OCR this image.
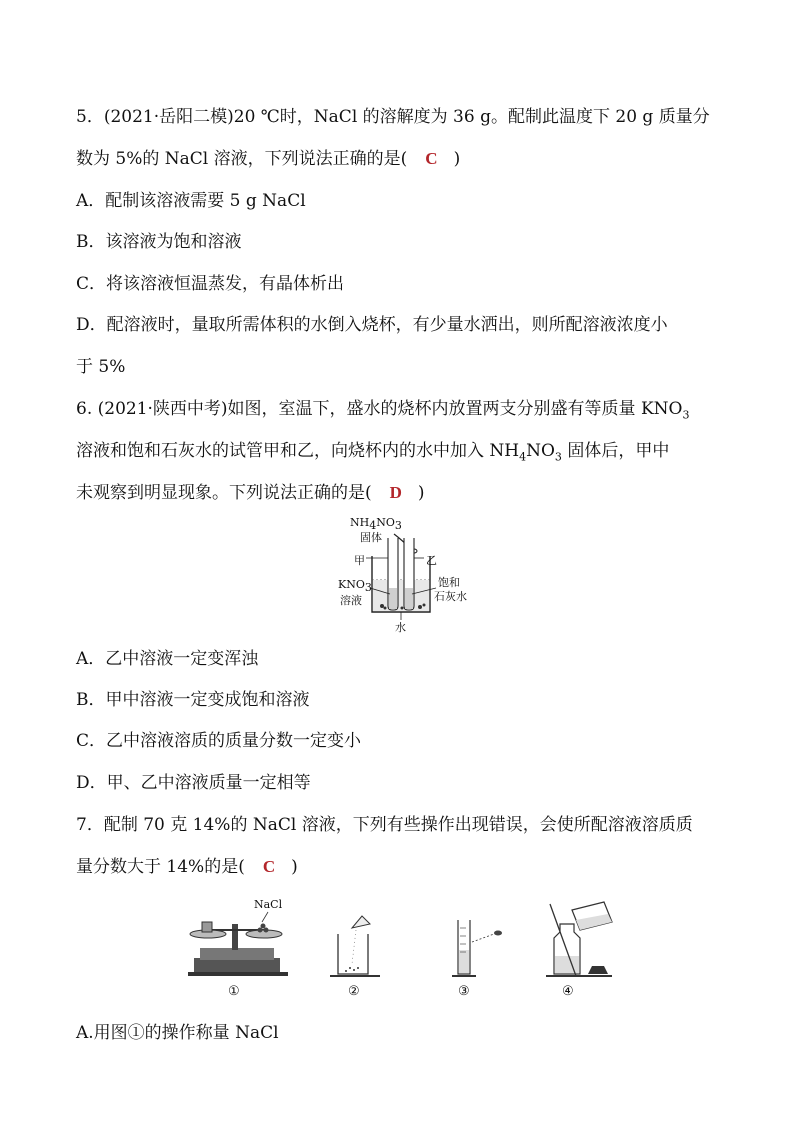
5．(2021·岳阳二模)20 ℃时，NaCl 的溶解度为 36 g。配制此温度下 20 g 质量分
数为 5%的 NaCl 溶液，下列说法正确的是( C )
A．配制该溶液需要 5 g NaCl
B．该溶液为饱和溶液
C．将该溶液恒温蒸发，有晶体析出
D．配溶液时，量取所需体积的水倒入烧杯，有少量水洒出，则所配溶液浓度小
于 5%
6. (2021·陕西中考)如图，室温下，盛水的烧杯内放置两支分别盛有等质量 $KNO_3$
溶液和饱和石灰水的试管甲和乙，向烧杯内的水中加入 $NH_4NO_3$ 固体后，甲中
未观察到明显现象。下列说法正确的是( D )
$NH_4NO_3$
固体
甲	乙
$KNO_3$
溶液
饱和
石灰水
水
A．乙中溶液一定变浑浊
B．甲中溶液一定变成饱和溶液
C．乙中溶液溶质的质量分数一定变小
D．甲、乙中溶液质量一定相等
7．配制 70 克 14%的 NaCl 溶液，下列有些操作出现错误，会使所配溶液溶质质
量分数大于 14%的是( C )
NaCl
①	②	③	④
A.用图①的操作称量 NaCl
